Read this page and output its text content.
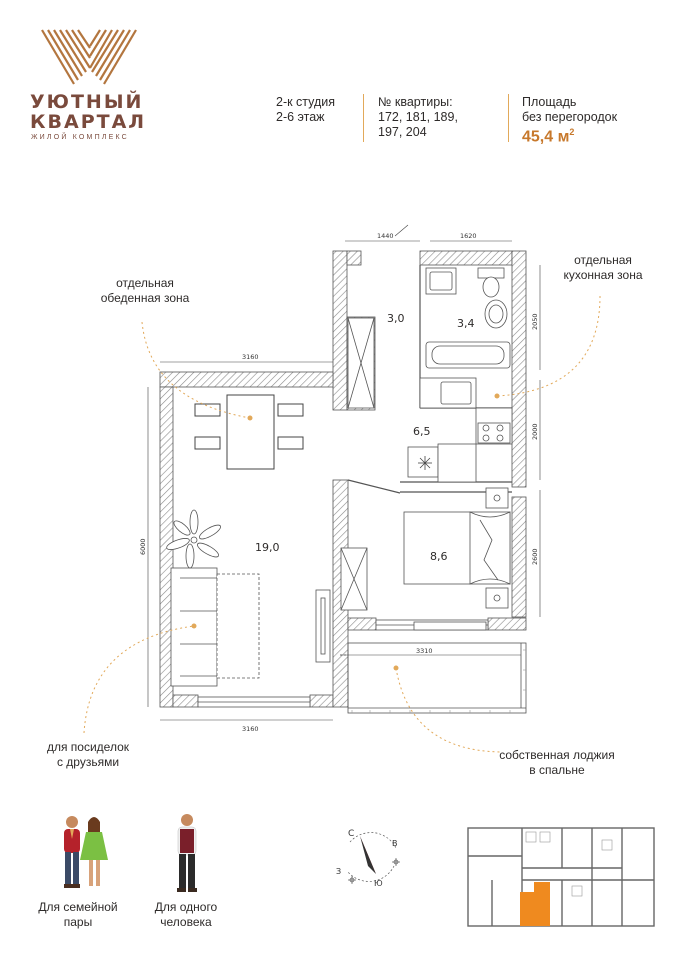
УЮТНЫЙ
КВАРТАЛ
ЖИЛОЙ КОМПЛЕКС
2-к студия
2-6 этаж
№ квартиры:
172, 181, 189,
197, 204
Площадь
без перегородок
45,4 $м^2$
1440	1620
3160
3160
3310
2050
2000
2600
6000
3,0	3,4
6,5
19,0
8,6
отдельная
обеденная зона
отдельная
кухонная зона
для посиделок
с друзьями	собственная лоджия
в спальне
Для семейной
пары
Для одного
человека
С
В
Ю
З
